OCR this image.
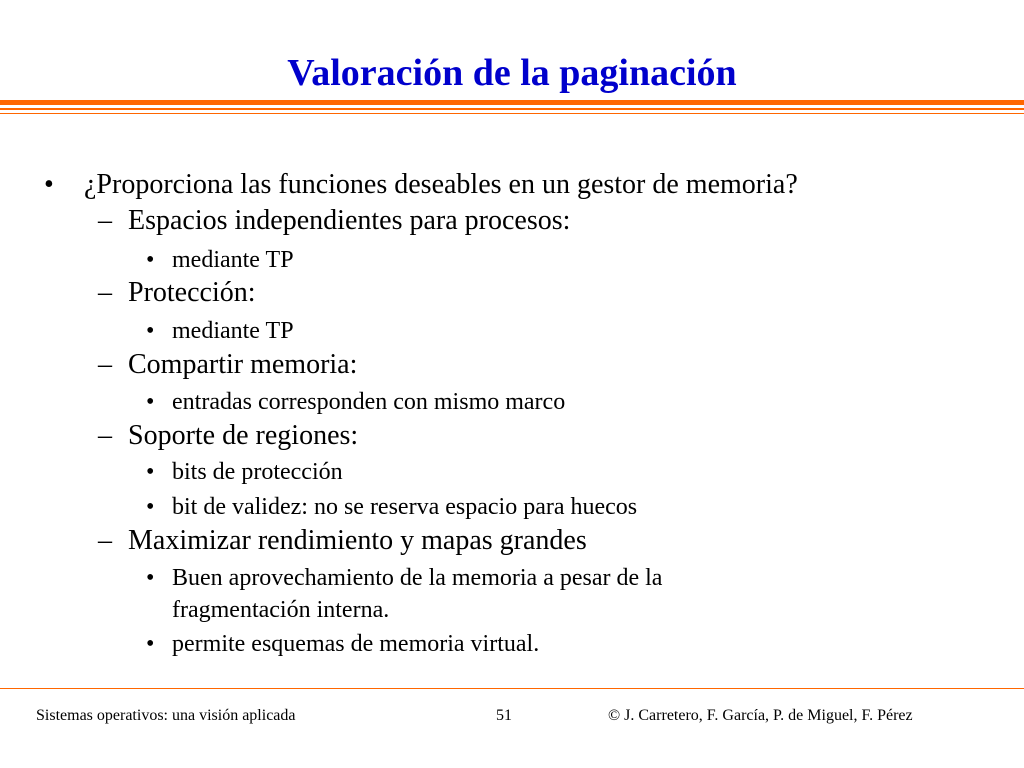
Valoración de la paginación
• ¿Proporciona las funciones deseables en un gestor de memoria?
– Espacios independientes para procesos:
• mediante TP
– Protección:
• mediante TP
– Compartir memoria:
• entradas corresponden con mismo marco
– Soporte de regiones:
• bits de protección
• bit de validez: no se reserva espacio para huecos
– Maximizar rendimiento y mapas grandes
• Buen aprovechamiento de la memoria a pesar de la
fragmentación interna.
• permite esquemas de memoria virtual.
Sistemas operativos: una visión aplicada	51	© J. Carretero, F. García, P. de Miguel, F. Pérez
